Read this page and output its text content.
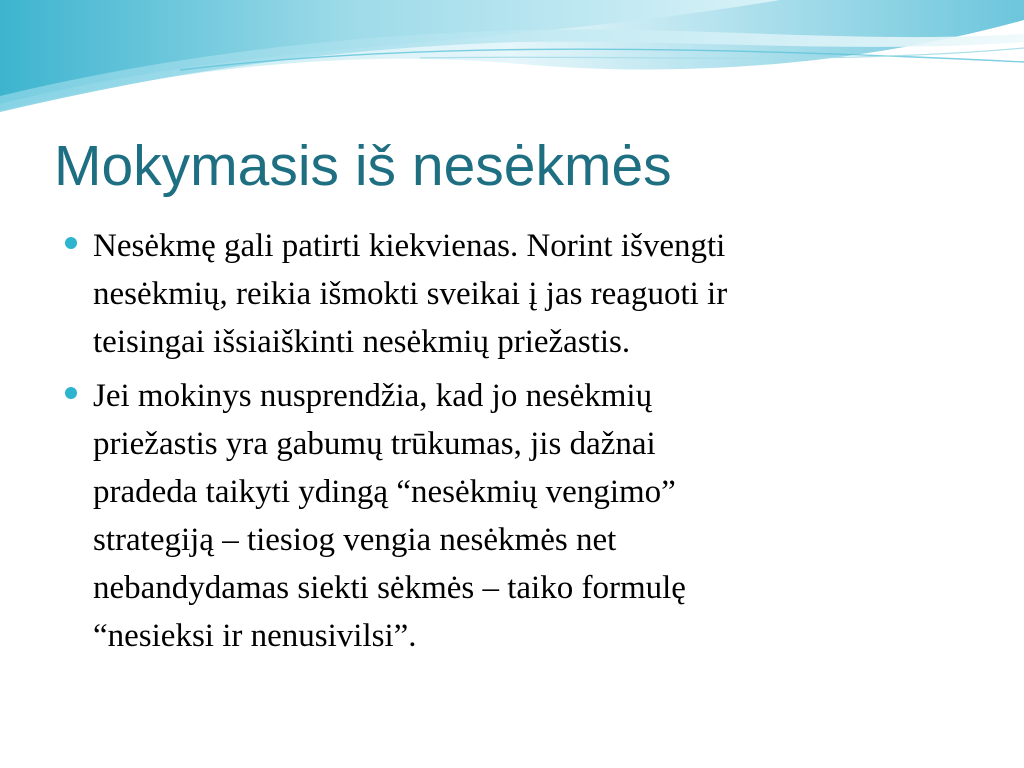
Mokymasis iš nesėkmės
Nesėkmę gali patirti kiekvienas. Norint išvengti
nesėkmių, reikia išmokti sveikai į jas reaguoti ir
teisingai išsiaiškinti nesėkmių priežastis.
Jei mokinys nusprendžia, kad jo nesėkmių
priežastis yra gabumų trūkumas, jis dažnai
pradeda taikyti ydingą “nesėkmių vengimo”
strategiją – tiesiog vengia nesėkmės net
nebandydamas siekti sėkmės – taiko formulę
“nesieksi ir nenusivilsi”.
